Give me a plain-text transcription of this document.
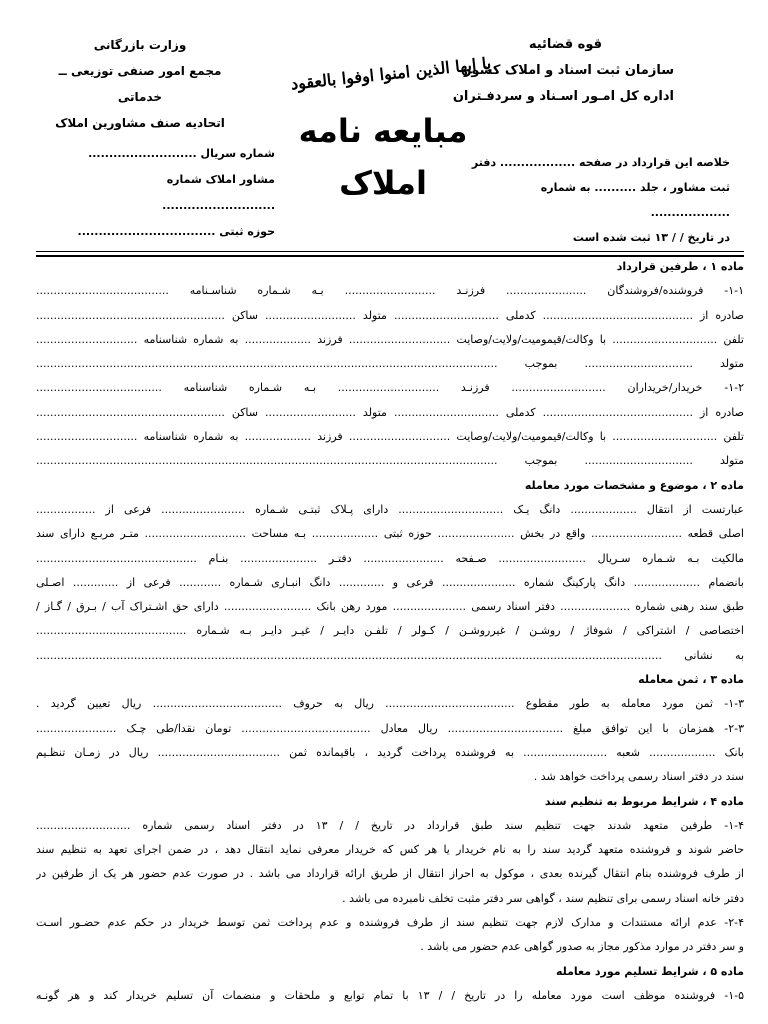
قوه قضائیه
سازمان ثبت اسناد و املاک کشور
اداره کل امـور اسـناد و سردفـتران
یا ایها الذین امنوا اوفوا بالعقود
مبایعه نامه
املاک
وزارت بازرگانی
مجمع امور صنفی توزیعی ــ خدماتی
اتحادیه صنف مشاورین املاک
شماره سریال ..........................
مشاور املاک شماره ...........................
حوزه ثبتی .................................
خلاصه این قرارداد در صفحه .................. دفتر
ثبت مشاور ، جلد .......... به شماره ...................
در تاریخ / / ۱۳ ثبت شده است
ماده ۱ ، طرفین قرارداد
۱-۱- فروشنده/فروشندگان ....................... فرزنـد .......................... بـه شـماره شناسـنامه ......................................
صادره از ........................................... کدملی .............................. متولد .......................... ساکن ......................................................
تلفن .............................. با وکالت/قیمومیت/ولایت/وصایت ............................. فرزند ................... به شماره شناسنامه .............................
متولد ............................... بموجب ....................................................................................................................................
۱-۲- خریدار/خریداران ........................... فرزنـد ............................. بـه شـماره شناسنامه ....................................
صادره از ........................................... کدملی .............................. متولد .......................... ساکن ......................................................
تلفن .............................. با وکالت/قیمومیت/ولایت/وصایت ............................. فرزند ................... به شماره شناسنامه .............................
متولد ............................... بموجب ....................................................................................................................................
ماده ۲ ، موضوع و مشخصات مورد معامله
عبارتست از انتقال ................... دانگ یـک .............................. دارای پـلاک ثبتـی شـماره ........................ فرعی از .................
اصلی قطعه .......................... واقع در بخش ...................... حوزه ثبتی ................... بـه مساحت ............................. متـر مربـع دارای سند
مالکیت بـه شـماره سـریال ......................... صـفحه ....................... دفتـر ...................... بنـام ..............................................
بانضمام ................... دانگ پارکینگ شماره ..................... فرعی و ............. دانگ انبـاری شـماره ............ فرعی از ............. اصـلی
طبق سند رهنی شماره .................... دفتر اسناد رسمی ..................... مورد رهن بانک ......................... دارای حق اشـتراک آب / بـرق / گـاز /
اختصاصی / اشتراکی / شوفاژ / روشـن / غیرروشـن / کـولر / تلفـن دایـر / غیـر دایـر بـه شـماره ...........................................
به نشانی ...................................................................................................................................................................................
ماده ۳ ، ثمن معامله
۱-۳- ثمن مورد معامله به طور مقطوع ..................................... ریال به حروف ..................................... ریال تعیین گردید .
۲-۳- همزمان با این توافق مبلغ ................................. ریال معادل ..................................... تومان نقدا/طی چـک .......................
بانک ................... شعبه ........................ به فروشنده پرداخت گردید ، باقیمانده ثمن ................................... ریال در زمـان تنظـیم
سند در دفتر اسناد رسمی پرداخت خواهد شد .
ماده ۴ ، شرایط مربوط به تنظیم سند
۱-۴- طرفین متعهد شدند جهت تنظیم سند طبق قرارداد در تاریخ / / ۱۳ در دفتر اسناد رسمی شماره ...........................
حاضر شوند و فروشنده متعهد گردید سند را به نام خریدار یا هر کس که خریدار معرفی نماید انتقال دهد ، در ضمن اجرای تعهد به تنظیم سند
از طرف فروشنده بنام انتقال گیرنده بعدی ، موکول به احراز انتقال از طریق ارائه قرارداد می باشد . در صورت عدم حضور هر یک از طرفین در
دفتر خانه اسناد رسمی برای تنظیم سند ، گواهی سر دفتر مثبت تخلف نامبرده می باشد .
۲-۴- عدم ارائه مستندات و مدارک لازم جهت تنظیم سند از طرف فروشنده و عدم پرداخت ثمن توسط خریدار در حکم عدم حضـور اسـت
و سر دفتر در موارد مذکور مجاز به صدور گواهی عدم حضور می باشد .
ماده ۵ ، شرایط تسلیم مورد معامله
۱-۵- فروشنده موظف است مورد معامله را در تاریخ / / ۱۳ با تمام توابع و ملحقات و منضمات آن تسلیم خریدار کند و هر گونـه
